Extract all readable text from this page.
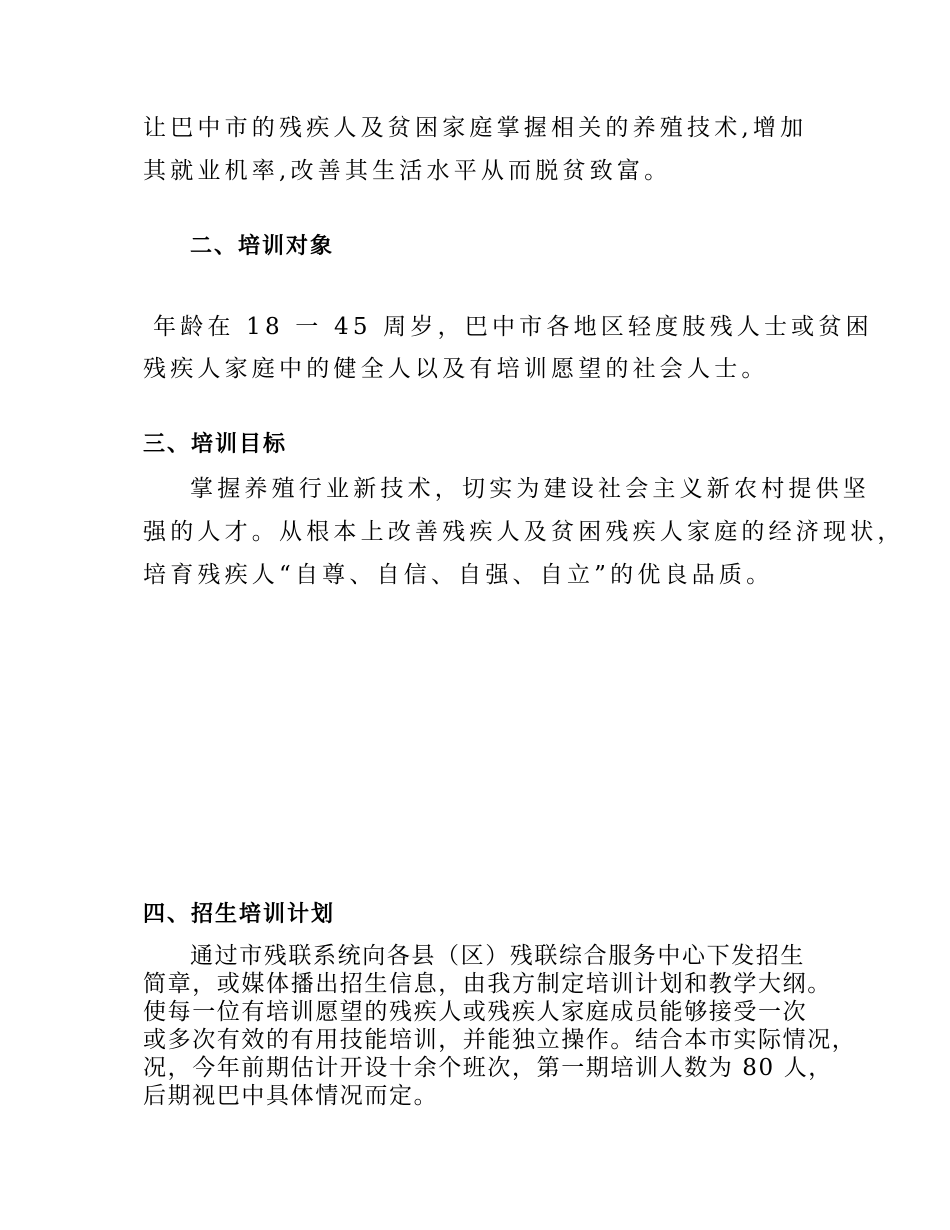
让巴中市的残疾人及贫困家庭掌握相关的养殖技术,增加
其就业机率,改善其生活水平从而脱贫致富。
二、培训对象
年龄在 18 一 45 周岁，巴中市各地区轻度肢残人士或贫困
残疾人家庭中的健全人以及有培训愿望的社会人士。
三、培训目标
掌握养殖行业新技术，切实为建设社会主义新农村提供坚
强的人才。从根本上改善残疾人及贫困残疾人家庭的经济现状，
培育残疾人“自尊、自信、自强、自立”的优良品质。
四、招生培训计划
通过市残联系统向各县（区）残联综合服务中心下发招生
简章，或媒体播出招生信息，由我方制定培训计划和教学大纲。
使每一位有培训愿望的残疾人或残疾人家庭成员能够接受一次
或多次有效的有用技能培训，并能独立操作。结合本市实际情况，
况，今年前期估计开设十余个班次，第一期培训人数为 80 人，
后期视巴中具体情况而定。
